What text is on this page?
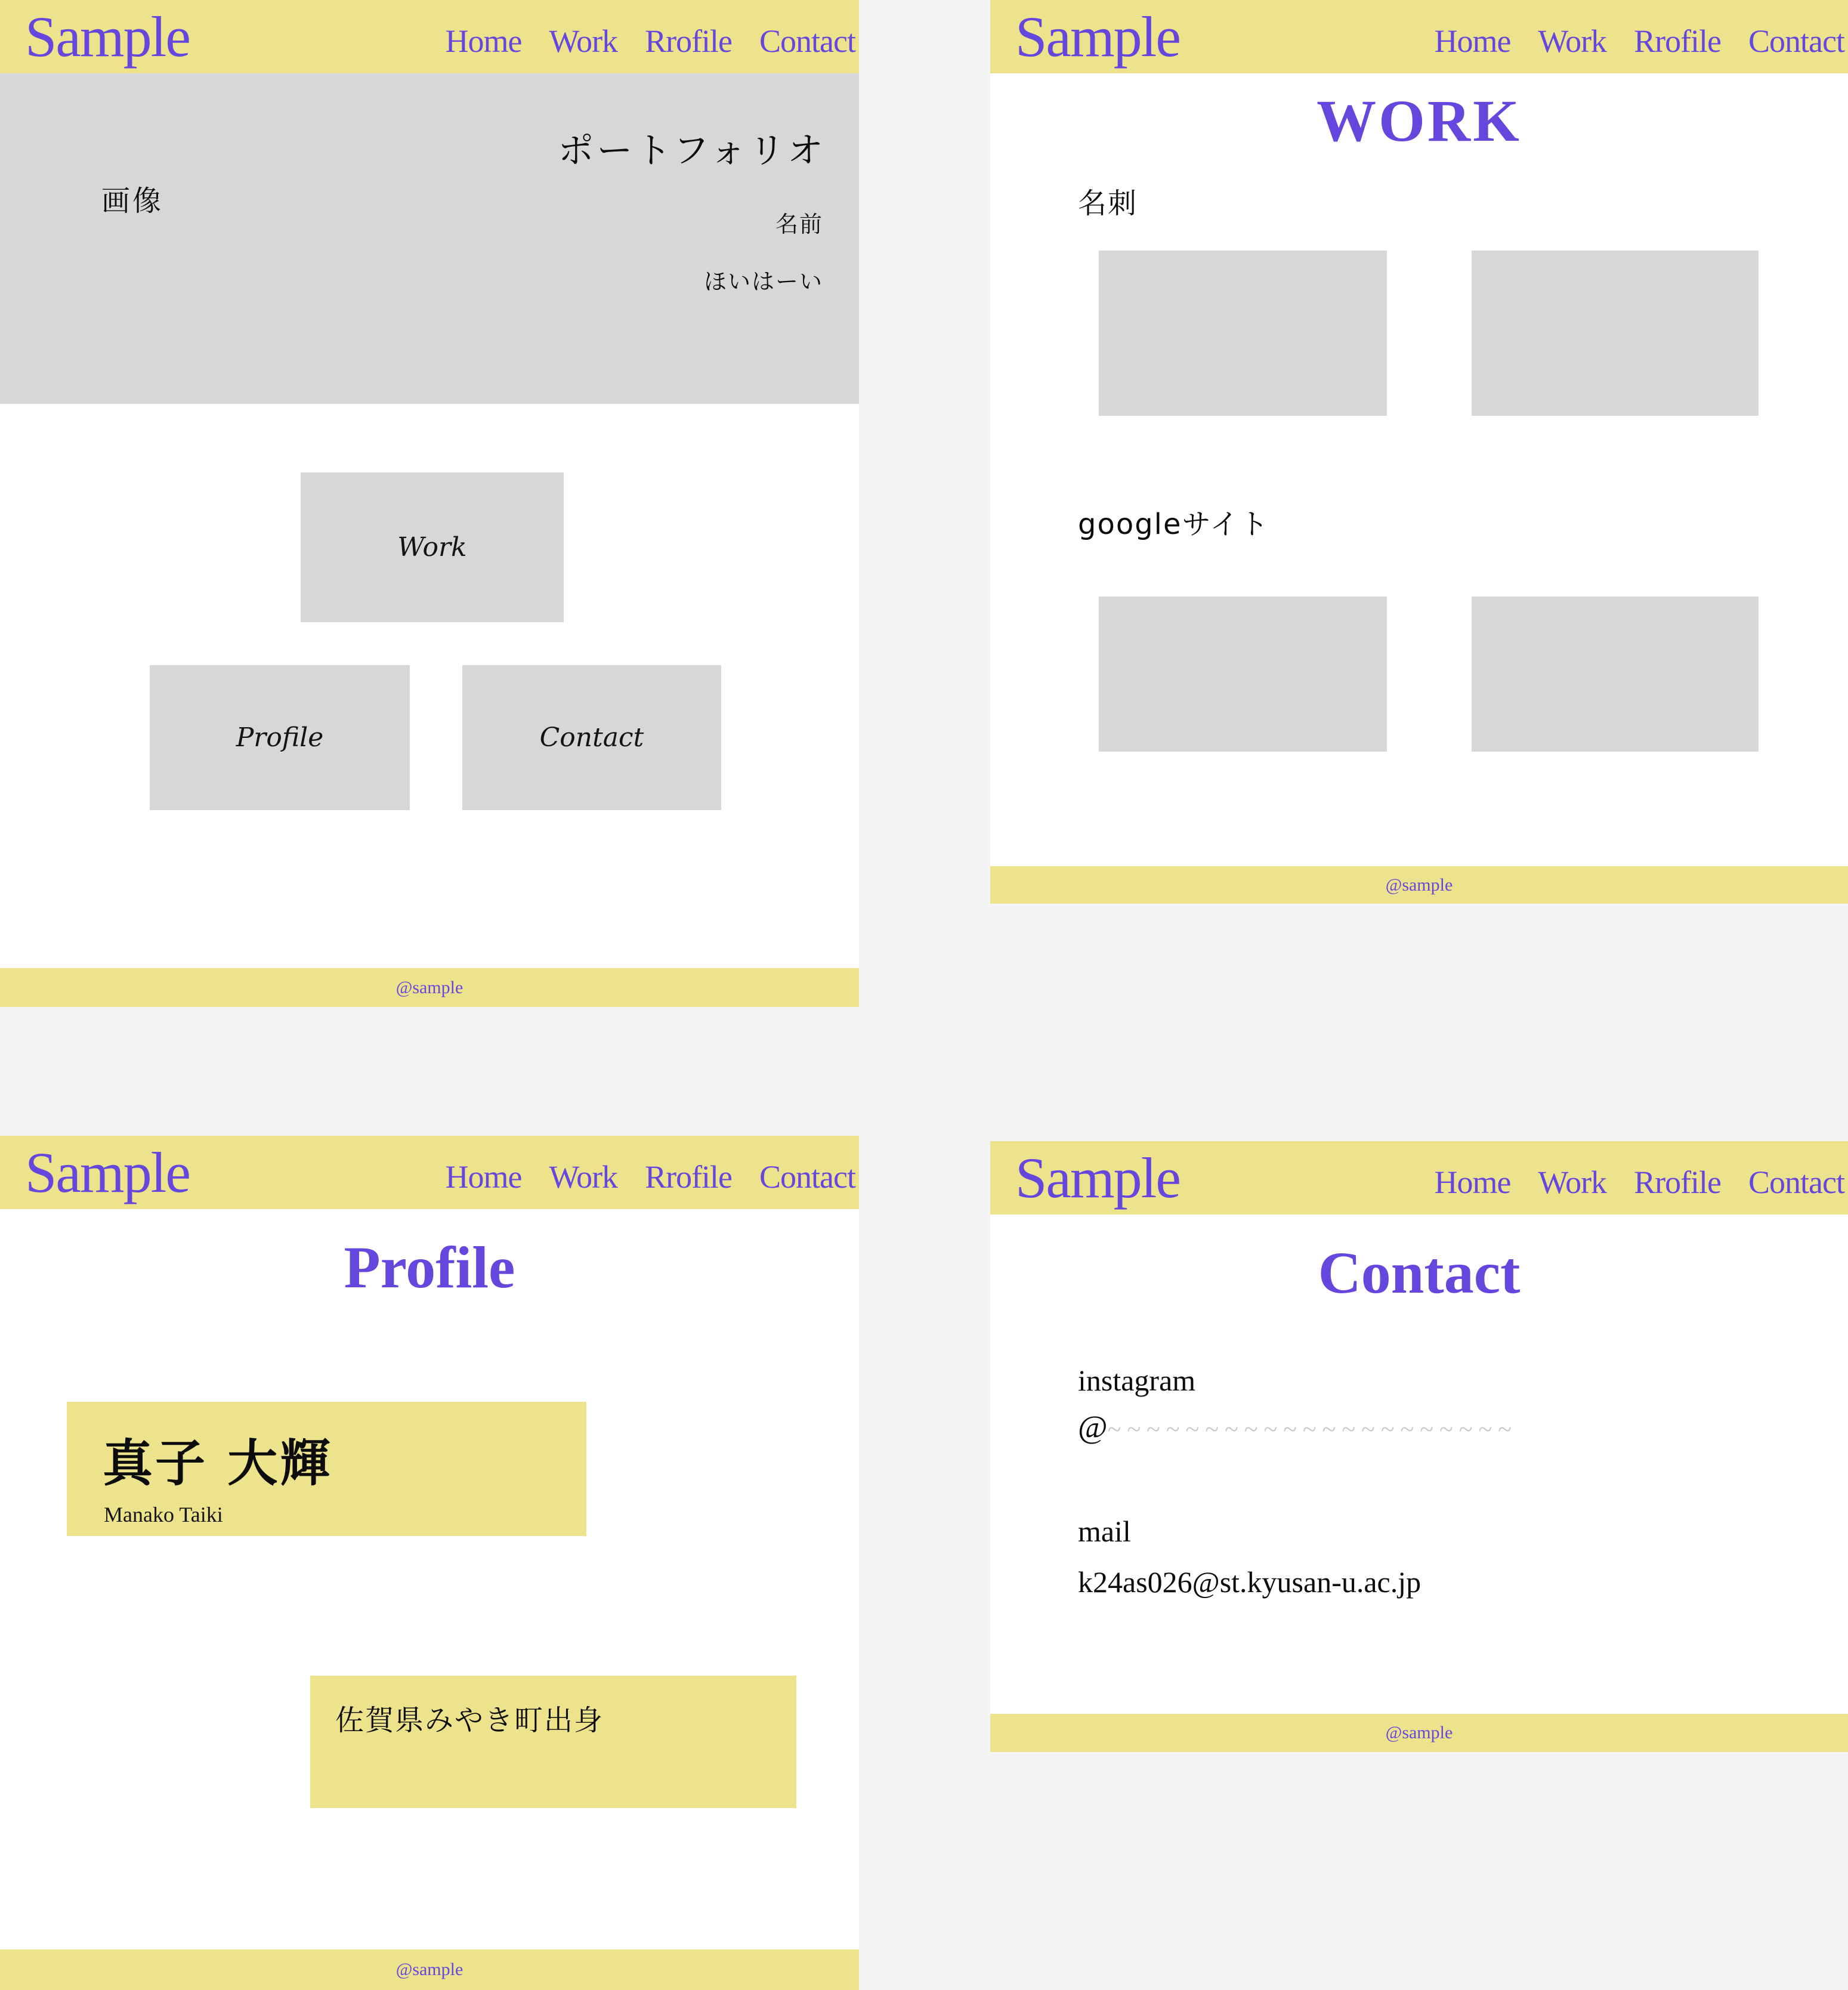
Sample	Home Work Rrofile Contact
画像
ポートフォリオ
名前
ほいはーい
Work
Profile	Contact
@sample
Sample	Home Work Rrofile Contact
WORK
名刺
googleサイト
@sample
Sample	Home Work Rrofile Contact
Profile
真子 大輝
Manako Taiki
佐賀県みやき町出身
@sample
Sample	Home Work Rrofile Contact
Contact
instagram
@~~~~~~~~~~~~~~~~~~~~~
mail
k24as026@st.kyusan-u.ac.jp
@sample
